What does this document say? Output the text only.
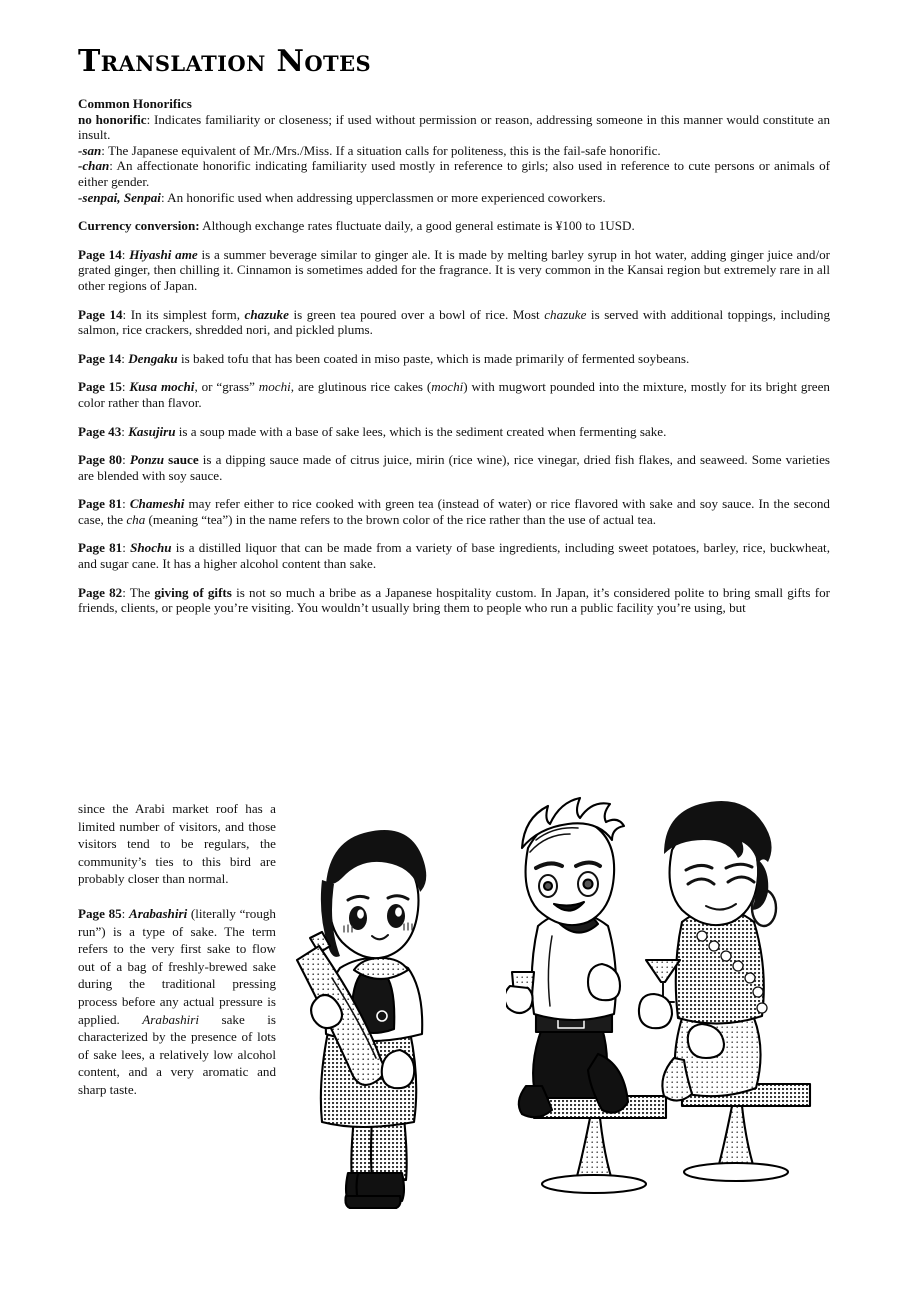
Translation Notes

Common Honorifics

no honorific: Indicates familiarity or closeness; if used without permission or reason, addressing someone in this manner would constitute an insult.

-san: The Japanese equivalent of Mr./Mrs./Miss. If a situation calls for politeness, this is the fail-safe honorific.

-chan: An affectionate honorific indicating familiarity used mostly in reference to girls; also used in reference to cute persons or animals of either gender.

-senpai, Senpai: An honorific used when addressing upperclassmen or more experienced coworkers.

Currency conversion: Although exchange rates fluctuate daily, a good general estimate is ¥100 to 1USD.

Page 14: Hiyashi ame is a summer beverage similar to ginger ale. It is made by melting barley syrup in hot water, adding ginger juice and/or grated ginger, then chilling it. Cinnamon is sometimes added for the fragrance. It is very common in the Kansai region but extremely rare in all other regions of Japan.

Page 14: In its simplest form, chazuke is green tea poured over a bowl of rice. Most chazuke is served with additional toppings, including salmon, rice crackers, shredded nori, and pickled plums.

Page 14: Dengaku is baked tofu that has been coated in miso paste, which is made primarily of fermented soybeans.

Page 15: Kusa mochi, or “grass” mochi, are glutinous rice cakes (mochi) with mugwort pounded into the mixture, mostly for its bright green color rather than flavor.

Page 43: Kasujiru is a soup made with a base of sake lees, which is the sediment created when fermenting sake.

Page 80: Ponzu sauce is a dipping sauce made of citrus juice, mirin (rice wine), rice vinegar, dried fish flakes, and seaweed. Some varieties are blended with soy sauce.

Page 81: Chameshi may refer either to rice cooked with green tea (instead of water) or rice flavored with sake and soy sauce. In the second case, the cha (meaning “tea”) in the name refers to the brown color of the rice rather than the use of actual tea.

Page 81: Shochu is a distilled liquor that can be made from a variety of base ingredients, including sweet potatoes, barley, rice, buckwheat, and sugar cane. It has a higher alcohol content than sake.

Page 82: The giving of gifts is not so much a bribe as a Japanese hospitality custom. In Japan, it’s considered polite to bring small gifts for friends, clients, or people you’re visiting. You wouldn’t usually bring them to people who run a public facility you’re using, but

since the Arabi market roof has a limited number of visitors, and those visitors tend to be regulars, the community’s ties to this bird are probably closer than normal.

Page 85: Arabashiri (literally “rough run”) is a type of sake. The term refers to the very first sake to flow out of a bag of freshly-brewed sake during the traditional pressing process before any actual pressure is applied. Arabashiri sake is characterized by the presence of lots of sake lees, a relatively low alcohol content, and a very aromatic and sharp taste.
